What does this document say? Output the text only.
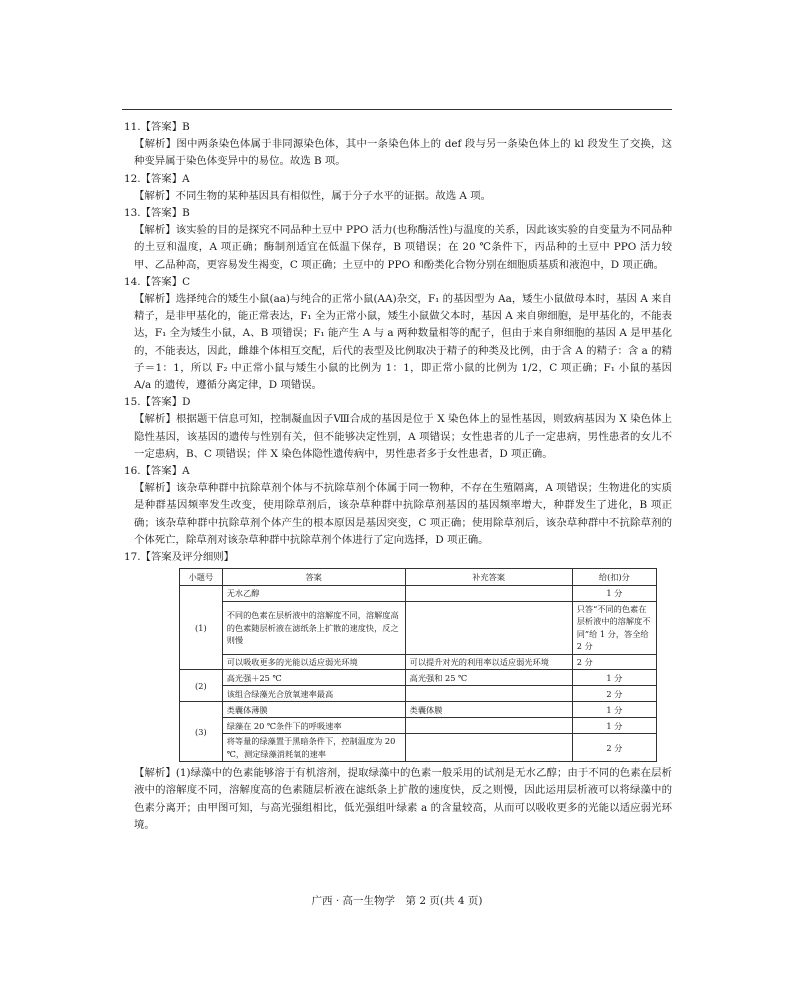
11.【答案】B
【解析】图中两条染色体属于非同源染色体，其中一条染色体上的 def 段与另一条染色体上的 kl 段发生了交换，这种变异属于染色体变异中的易位。故选 B 项。
12.【答案】A
【解析】不同生物的某种基因具有相似性，属于分子水平的证据。故选 A 项。
13.【答案】B
【解析】该实验的目的是探究不同品种土豆中 PPO 活力(也称酶活性)与温度的关系，因此该实验的自变量为不同品种的土豆和温度，A 项正确；酶制剂适宜在低温下保存，B 项错误；在 20 ℃条件下，丙品种的土豆中 PPO 活力较甲、乙品种高，更容易发生褐变，C 项正确；土豆中的 PPO 和酚类化合物分别在细胞质基质和液泡中，D 项正确。
14.【答案】C
【解析】选择纯合的矮生小鼠(aa)与纯合的正常小鼠(AA)杂交，F₁ 的基因型为 Aa，矮生小鼠做母本时，基因 A 来自精子，是非甲基化的，能正常表达，F₁ 全为正常小鼠，矮生小鼠做父本时，基因 A 来自卵细胞，是甲基化的，不能表达，F₁ 全为矮生小鼠，A、B 项错误；F₁ 能产生 A 与 a 两种数量相等的配子，但由于来自卵细胞的基因 A 是甲基化的，不能表达，因此，雌雄个体相互交配，后代的表型及比例取决于精子的种类及比例，由于含 A 的精子：含 a 的精子＝1：1，所以 F₂ 中正常小鼠与矮生小鼠的比例为 1：1，即正常小鼠的比例为 1/2，C 项正确；F₁ 小鼠的基因 A/a 的遗传，遵循分离定律，D 项错误。
15.【答案】D
【解析】根据题干信息可知，控制凝血因子Ⅷ合成的基因是位于 X 染色体上的显性基因，则致病基因为 X 染色体上隐性基因，该基因的遗传与性别有关，但不能够决定性别，A 项错误；女性患者的儿子一定患病，男性患者的女儿不一定患病，B、C 项错误；伴 X 染色体隐性遗传病中，男性患者多于女性患者，D 项正确。
16.【答案】A
【解析】该杂草种群中抗除草剂个体与不抗除草剂个体属于同一物种，不存在生殖隔离，A 项错误；生物进化的实质是种群基因频率发生改变，使用除草剂后，该杂草种群中抗除草剂基因的基因频率增大，种群发生了进化，B 项正确；该杂草种群中抗除草剂个体产生的根本原因是基因突变，C 项正确；使用除草剂后，该杂草种群中不抗除草剂的个体死亡，除草剂对该杂草种群中抗除草剂个体进行了定向选择，D 项正确。
17.【答案及评分细则】
小题号	答案	补充答案	给(扣)分
(1)	无水乙醇		1 分
	不同的色素在层析液中的溶解度不同，溶解度高的色素随层析液在滤纸条上扩散的速度快，反之则慢		只答“不同的色素在层析液中的溶解度不同”给 1 分，答全给 2 分
	可以吸收更多的光能以适应弱光环境	可以提升对光的利用率以适应弱光环境	2 分
(2)	高光强＋25 ℃	高光强和 25 ℃	1 分
	该组合绿藻光合放氧速率最高		2 分
(3)	类囊体薄膜	类囊体膜	1 分
	绿藻在 20 ℃条件下的呼吸速率		1 分
	将等量的绿藻置于黑暗条件下，控制温度为 20 ℃，测定绿藻消耗氧的速率		2 分
【解析】(1)绿藻中的色素能够溶于有机溶剂，提取绿藻中的色素一般采用的试剂是无水乙醇；由于不同的色素在层析液中的溶解度不同，溶解度高的色素随层析液在滤纸条上扩散的速度快，反之则慢，因此运用层析液可以将绿藻中的色素分离开；由甲图可知，与高光强组相比，低光强组叶绿素 a 的含量较高，从而可以吸收更多的光能以适应弱光环境。
广西 · 高一生物学　第 2 页(共 4 页)
